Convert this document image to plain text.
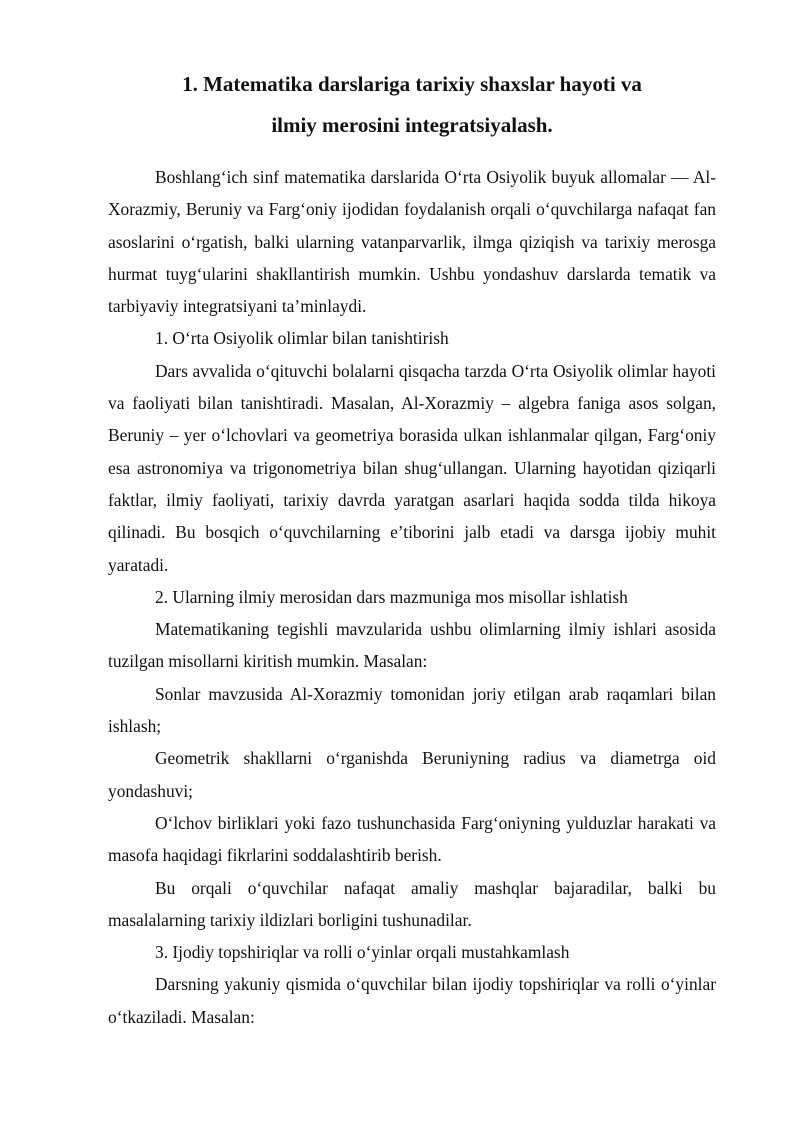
1. Matematika darslariga tarixiy shaxslar hayoti va
ilmiy merosini integratsiyalash.

Boshlang‘ich sinf matematika darslarida O‘rta Osiyolik buyuk allomalar — Al-Xorazmiy, Beruniy va Farg‘oniy ijodidan foydalanish orqali o‘quvchilarga nafaqat fan asoslarini o‘rgatish, balki ularning vatanparvarlik, ilmga qiziqish va tarixiy merosga hurmat tuyg‘ularini shakllantirish mumkin. Ushbu yondashuv darslarda tematik va tarbiyaviy integratsiyani ta’minlaydi.

1. O‘rta Osiyolik olimlar bilan tanishtirish

Dars avvalida o‘qituvchi bolalarni qisqacha tarzda O‘rta Osiyolik olimlar hayoti va faoliyati bilan tanishtiradi. Masalan, Al-Xorazmiy – algebra faniga asos solgan, Beruniy – yer o‘lchovlari va geometriya borasida ulkan ishlanmalar qilgan, Farg‘oniy esa astronomiya va trigonometriya bilan shug‘ullangan. Ularning hayotidan qiziqarli faktlar, ilmiy faoliyati, tarixiy davrda yaratgan asarlari haqida sodda tilda hikoya qilinadi. Bu bosqich o‘quvchilarning e’tiborini jalb etadi va darsga ijobiy muhit yaratadi.

2. Ularning ilmiy merosidan dars mazmuniga mos misollar ishlatish

Matematikaning tegishli mavzularida ushbu olimlarning ilmiy ishlari asosida tuzilgan misollarni kiritish mumkin. Masalan:

Sonlar mavzusida Al-Xorazmiy tomonidan joriy etilgan arab raqamlari bilan ishlash;

Geometrik shakllarni o‘rganishda Beruniyning radius va diametrga oid yondashuvi;

O‘lchov birliklari yoki fazo tushunchasida Farg‘oniyning yulduzlar harakati va masofa haqidagi fikrlarini soddalashtirib berish.

Bu orqali o‘quvchilar nafaqat amaliy mashqlar bajaradilar, balki bu masalalarning tarixiy ildizlari borligini tushunadilar.

3. Ijodiy topshiriqlar va rolli o‘yinlar orqali mustahkamlash

Darsning yakuniy qismida o‘quvchilar bilan ijodiy topshiriqlar va rolli o‘yinlar o‘tkaziladi. Masalan:
